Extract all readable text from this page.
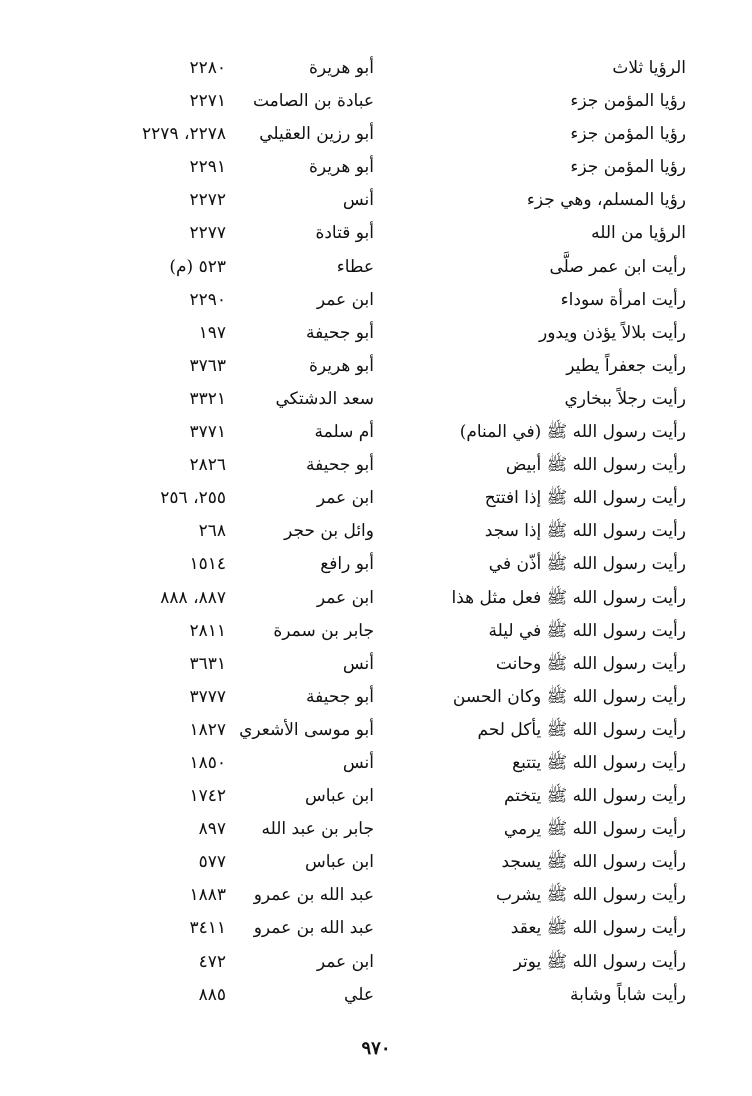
الرؤيا ثلاث
أبو هريرة
٢٢٨٠
رؤيا المؤمن جزء
عبادة بن الصامت
٢٢٧١
رؤيا المؤمن جزء
أبو رزين العقيلي
٢٢٧٨، ٢٢٧٩
رؤيا المؤمن جزء
أبو هريرة
٢٢٩١
رؤيا المسلم، وهي جزء
أنس
٢٢٧٢
الرؤيا من الله
أبو قتادة
٢٢٧٧
رأيت ابن عمر صلَّى
عطاء
٥٢٣ (م)
رأيت امرأة سوداء
ابن عمر
٢٢٩٠
رأيت بلالاً يؤذن ويدور
أبو جحيفة
١٩٧
رأيت جعفراً يطير
أبو هريرة
٣٧٦٣
رأيت رجلاً ببخاري
سعد الدشتكي
٣٣٢١
رأيت رسول الله ﷺ (في المنام)
أم سلمة
٣٧٧١
رأيت رسول الله ﷺ أبيض
أبو جحيفة
٢٨٢٦
رأيت رسول الله ﷺ إذا افتتح
ابن عمر
٢٥٥، ٢٥٦
رأيت رسول الله ﷺ إذا سجد
وائل بن حجر
٢٦٨
رأيت رسول الله ﷺ أذّن في
أبو رافع
١٥١٤
رأيت رسول الله ﷺ فعل مثل هذا
ابن عمر
٨٨٧، ٨٨٨
رأيت رسول الله ﷺ في ليلة
جابر بن سمرة
٢٨١١
رأيت رسول الله ﷺ وحانت
أنس
٣٦٣١
رأيت رسول الله ﷺ وكان الحسن
أبو جحيفة
٣٧٧٧
رأيت رسول الله ﷺ يأكل لحم
أبو موسى الأشعري
١٨٢٧
رأيت رسول الله ﷺ يتتبع
أنس
١٨٥٠
رأيت رسول الله ﷺ يتختم
ابن عباس
١٧٤٢
رأيت رسول الله ﷺ يرمي
جابر بن عبد الله
٨٩٧
رأيت رسول الله ﷺ يسجد
ابن عباس
٥٧٧
رأيت رسول الله ﷺ يشرب
عبد الله بن عمرو
١٨٨٣
رأيت رسول الله ﷺ يعقد
عبد الله بن عمرو
٣٤١١
رأيت رسول الله ﷺ يوتر
ابن عمر
٤٧٢
رأيت شاباً وشابة
علي
٨٨٥
٩٧٠
